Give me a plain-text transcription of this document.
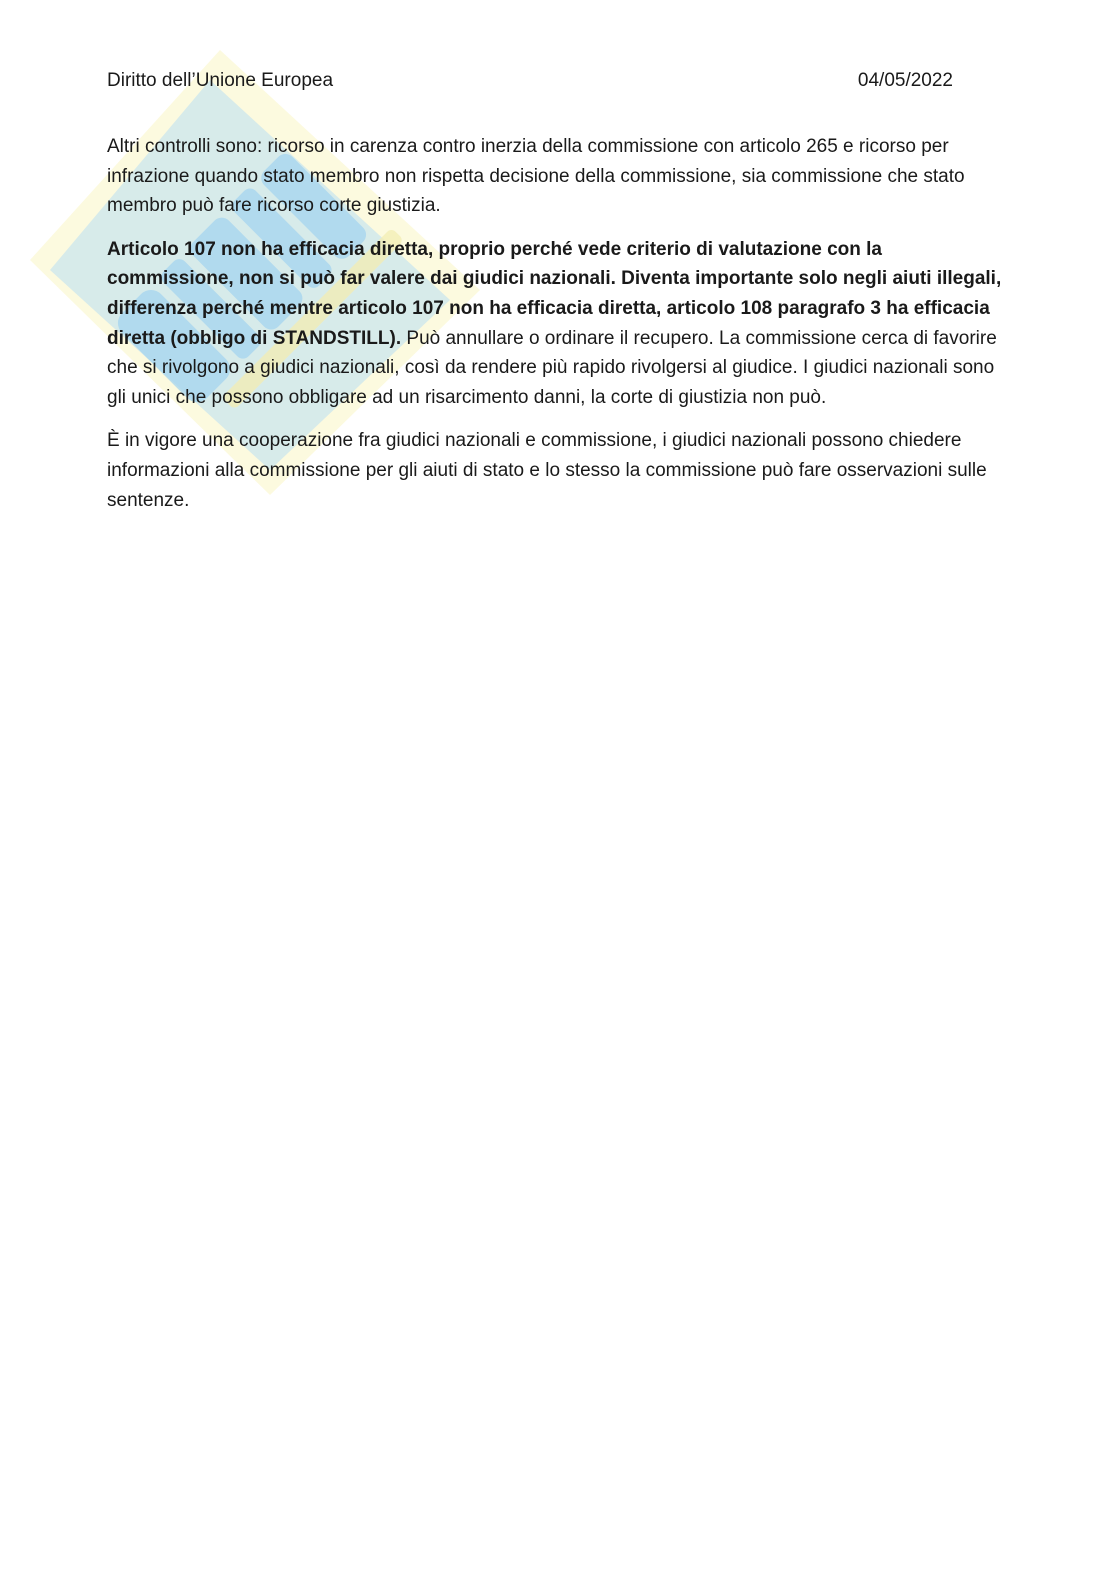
Diritto dell’Unione Europea	04/05/2022

Altri controlli sono: ricorso in carenza contro inerzia della commissione con articolo 265 e ricorso per infrazione quando stato membro non rispetta decisione della commissione, sia commissione che stato membro può fare ricorso corte giustizia.

Articolo 107 non ha efficacia diretta, proprio perché vede criterio di valutazione con la commissione, non si può far valere dai giudici nazionali. Diventa importante solo negli aiuti illegali, differenza perché mentre articolo 107 non ha efficacia diretta, articolo 108 paragrafo 3 ha efficacia diretta (obbligo di STANDSTILL). Può annullare o ordinare il recupero. La commissione cerca di favorire che si rivolgono a giudici nazionali, così da rendere più rapido rivolgersi al giudice. I giudici nazionali sono gli unici che possono obbligare ad un risarcimento danni, la corte di giustizia non può.

È in vigore una cooperazione fra giudici nazionali e commissione, i giudici nazionali possono chiedere informazioni alla commissione per gli aiuti di stato e lo stesso la commissione può fare osservazioni sulle sentenze.
